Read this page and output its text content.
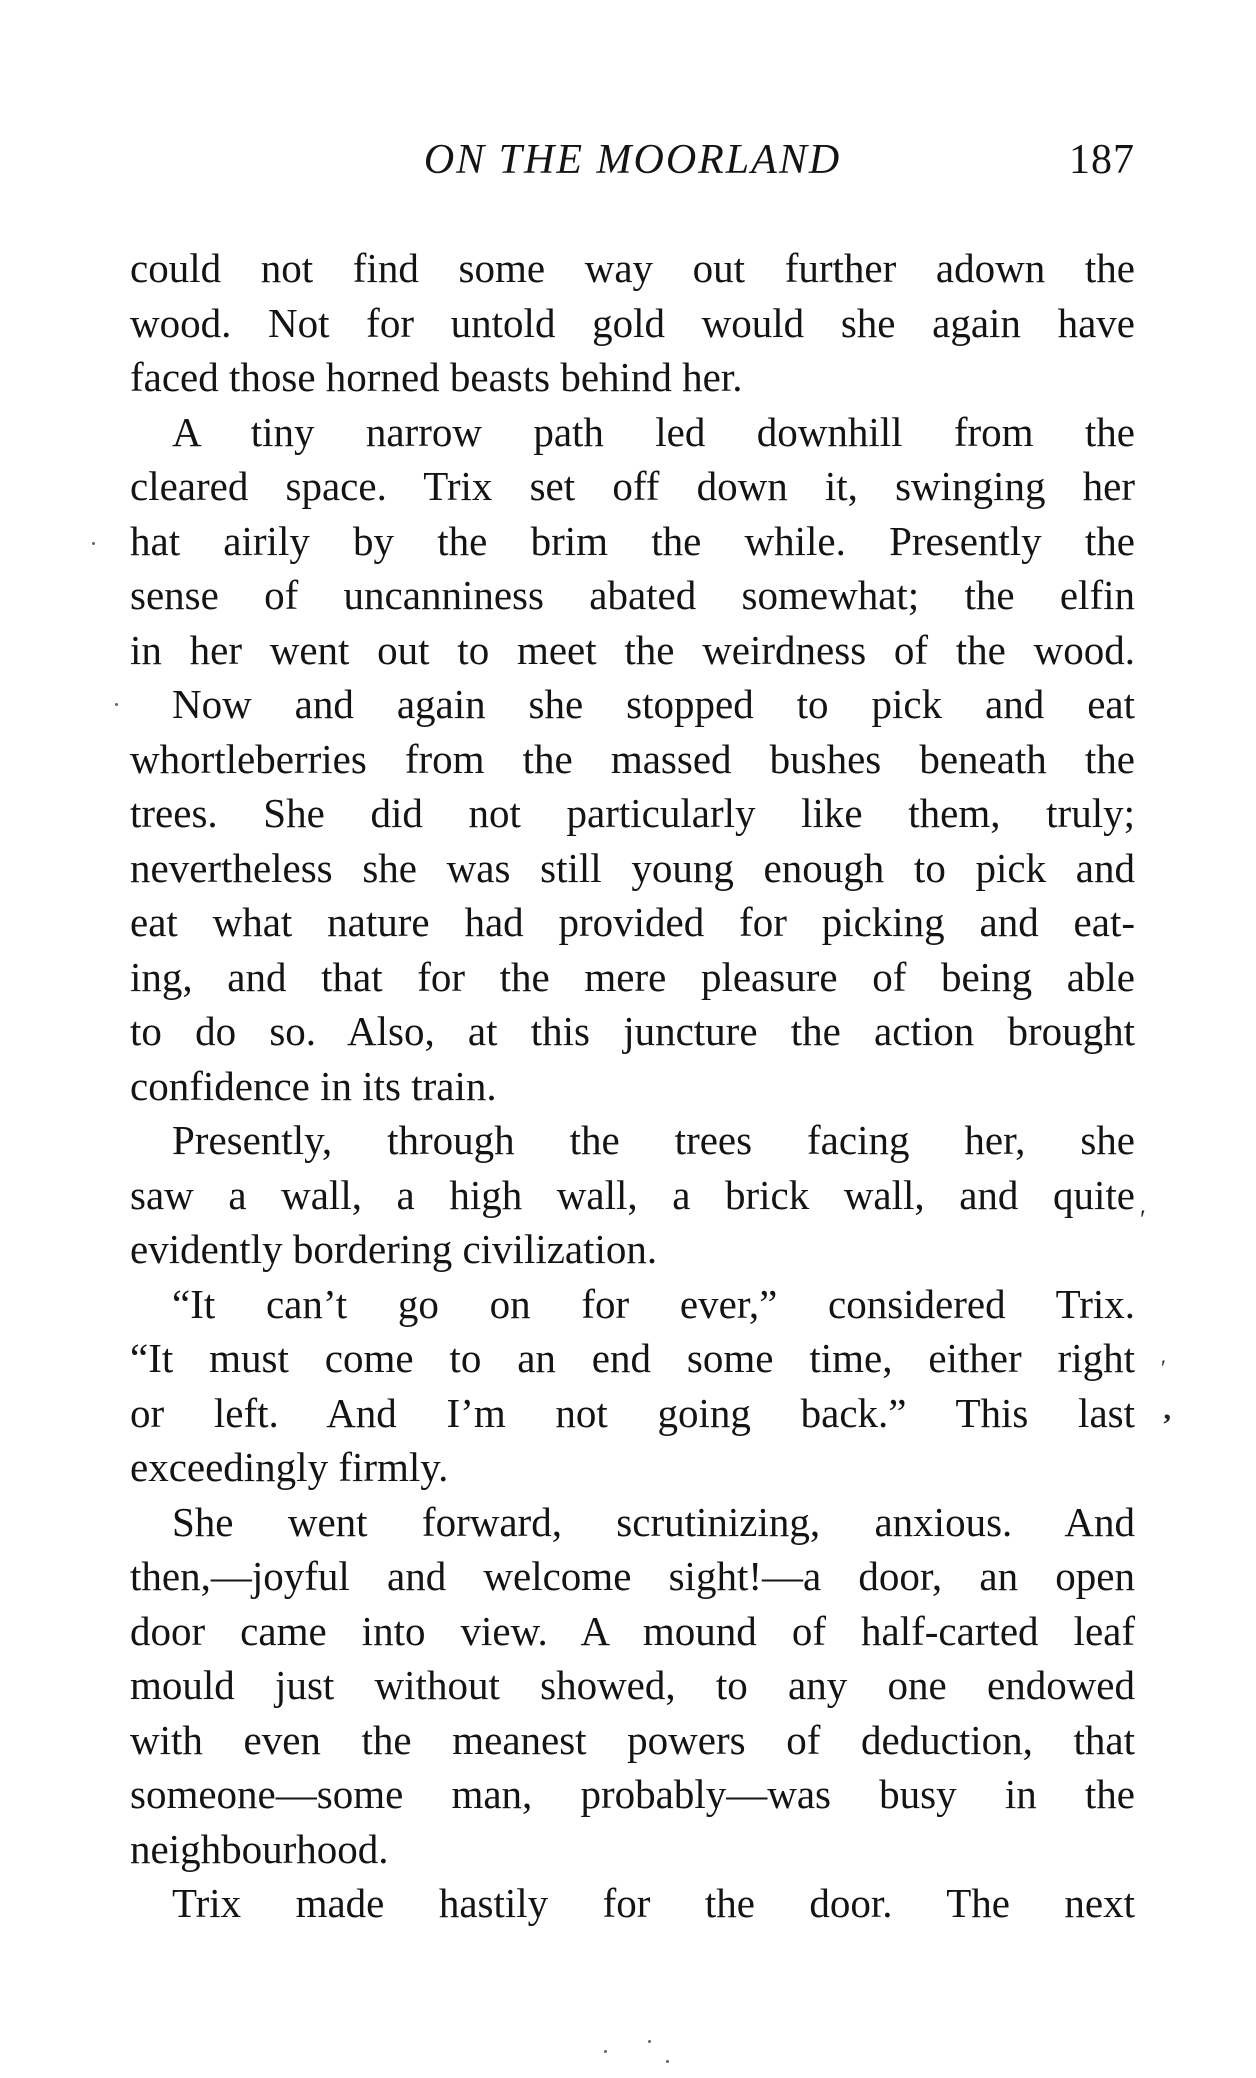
ON THE MOORLAND	187
could not find some way out further adown the
wood. Not for untold gold would she again have
faced those horned beasts behind her.
A tiny narrow path led downhill from the
cleared space. Trix set off down it, swinging her
hat airily by the brim the while. Presently the
sense of uncanniness abated somewhat; the elfin
in her went out to meet the weirdness of the wood.
Now and again she stopped to pick and eat
whortleberries from the massed bushes beneath the
trees. She did not particularly like them, truly;
nevertheless she was still young enough to pick and
eat what nature had provided for picking and eat-
ing, and that for the mere pleasure of being able
to do so. Also, at this juncture the action brought
confidence in its train.
Presently, through the trees facing her, she
saw a wall, a high wall, a brick wall, and quite
evidently bordering civilization.
“It can’t go on for ever,” considered Trix.
“It must come to an end some time, either right
or left. And I’m not going back.” This last
exceedingly firmly.
She went forward, scrutinizing, anxious. And
then,—joyful and welcome sight!—a door, an open
door came into view. A mound of half-carted leaf
mould just without showed, to any one endowed
with even the meanest powers of deduction, that
someone—some man, probably—was busy in the
neighbourhood.
Trix made hastily for the door. The next
′
′
’
